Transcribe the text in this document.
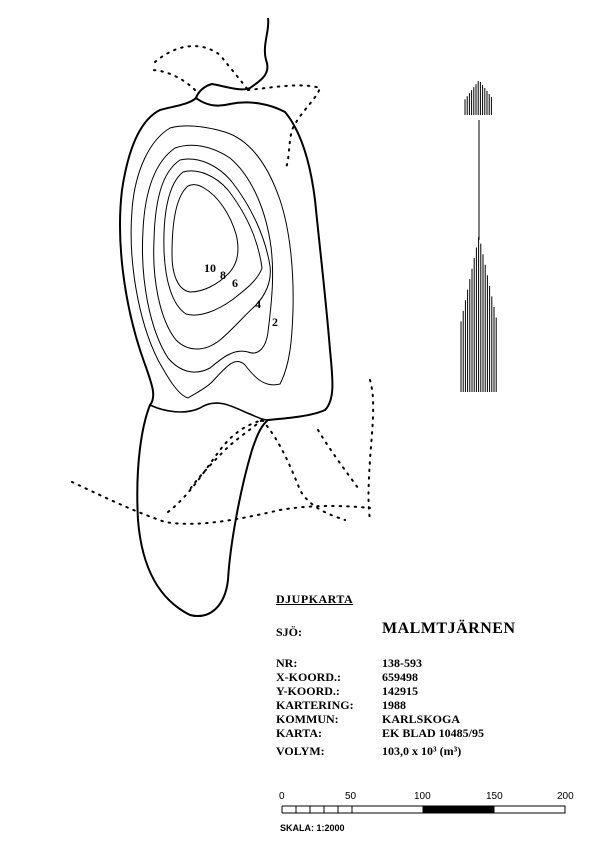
10 8
6
4
2
0	50	100	150	200
DJUPKARTA
SJÖ:	MALMTJÄRNEN
NR:	138-593
X-KOORD.:	659498
Y-KOORD.:	142915
KARTERING: 1988
KOMMUN:	KARLSKOGA
KARTA:	EK BLAD 10485/95
VOLYM:	103,0 x 10³ (m³)
SKALA: 1:2000
